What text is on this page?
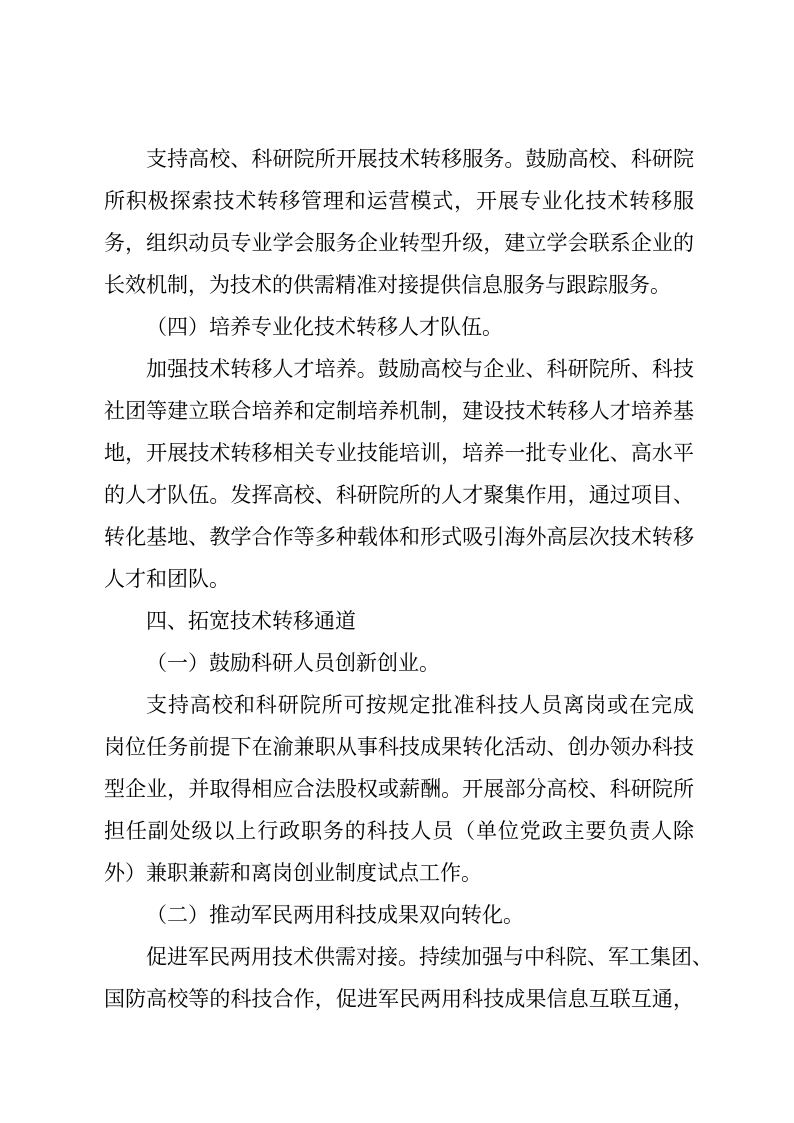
支持高校、科研院所开展技术转移服务。鼓励高校、科研院
所积极探索技术转移管理和运营模式，开展专业化技术转移服
务，组织动员专业学会服务企业转型升级，建立学会联系企业的
长效机制，为技术的供需精准对接提供信息服务与跟踪服务。
（四）培养专业化技术转移人才队伍。
加强技术转移人才培养。鼓励高校与企业、科研院所、科技
社团等建立联合培养和定制培养机制，建设技术转移人才培养基
地，开展技术转移相关专业技能培训，培养一批专业化、高水平
的人才队伍。发挥高校、科研院所的人才聚集作用，通过项目、
转化基地、教学合作等多种载体和形式吸引海外高层次技术转移
人才和团队。
四、拓宽技术转移通道
（一）鼓励科研人员创新创业。
支持高校和科研院所可按规定批准科技人员离岗或在完成
岗位任务前提下在渝兼职从事科技成果转化活动、创办领办科技
型企业，并取得相应合法股权或薪酬。开展部分高校、科研院所
担任副处级以上行政职务的科技人员（单位党政主要负责人除
外）兼职兼薪和离岗创业制度试点工作。
（二）推动军民两用科技成果双向转化。
促进军民两用技术供需对接。持续加强与中科院、军工集团、
国防高校等的科技合作，促进军民两用科技成果信息互联互通，
